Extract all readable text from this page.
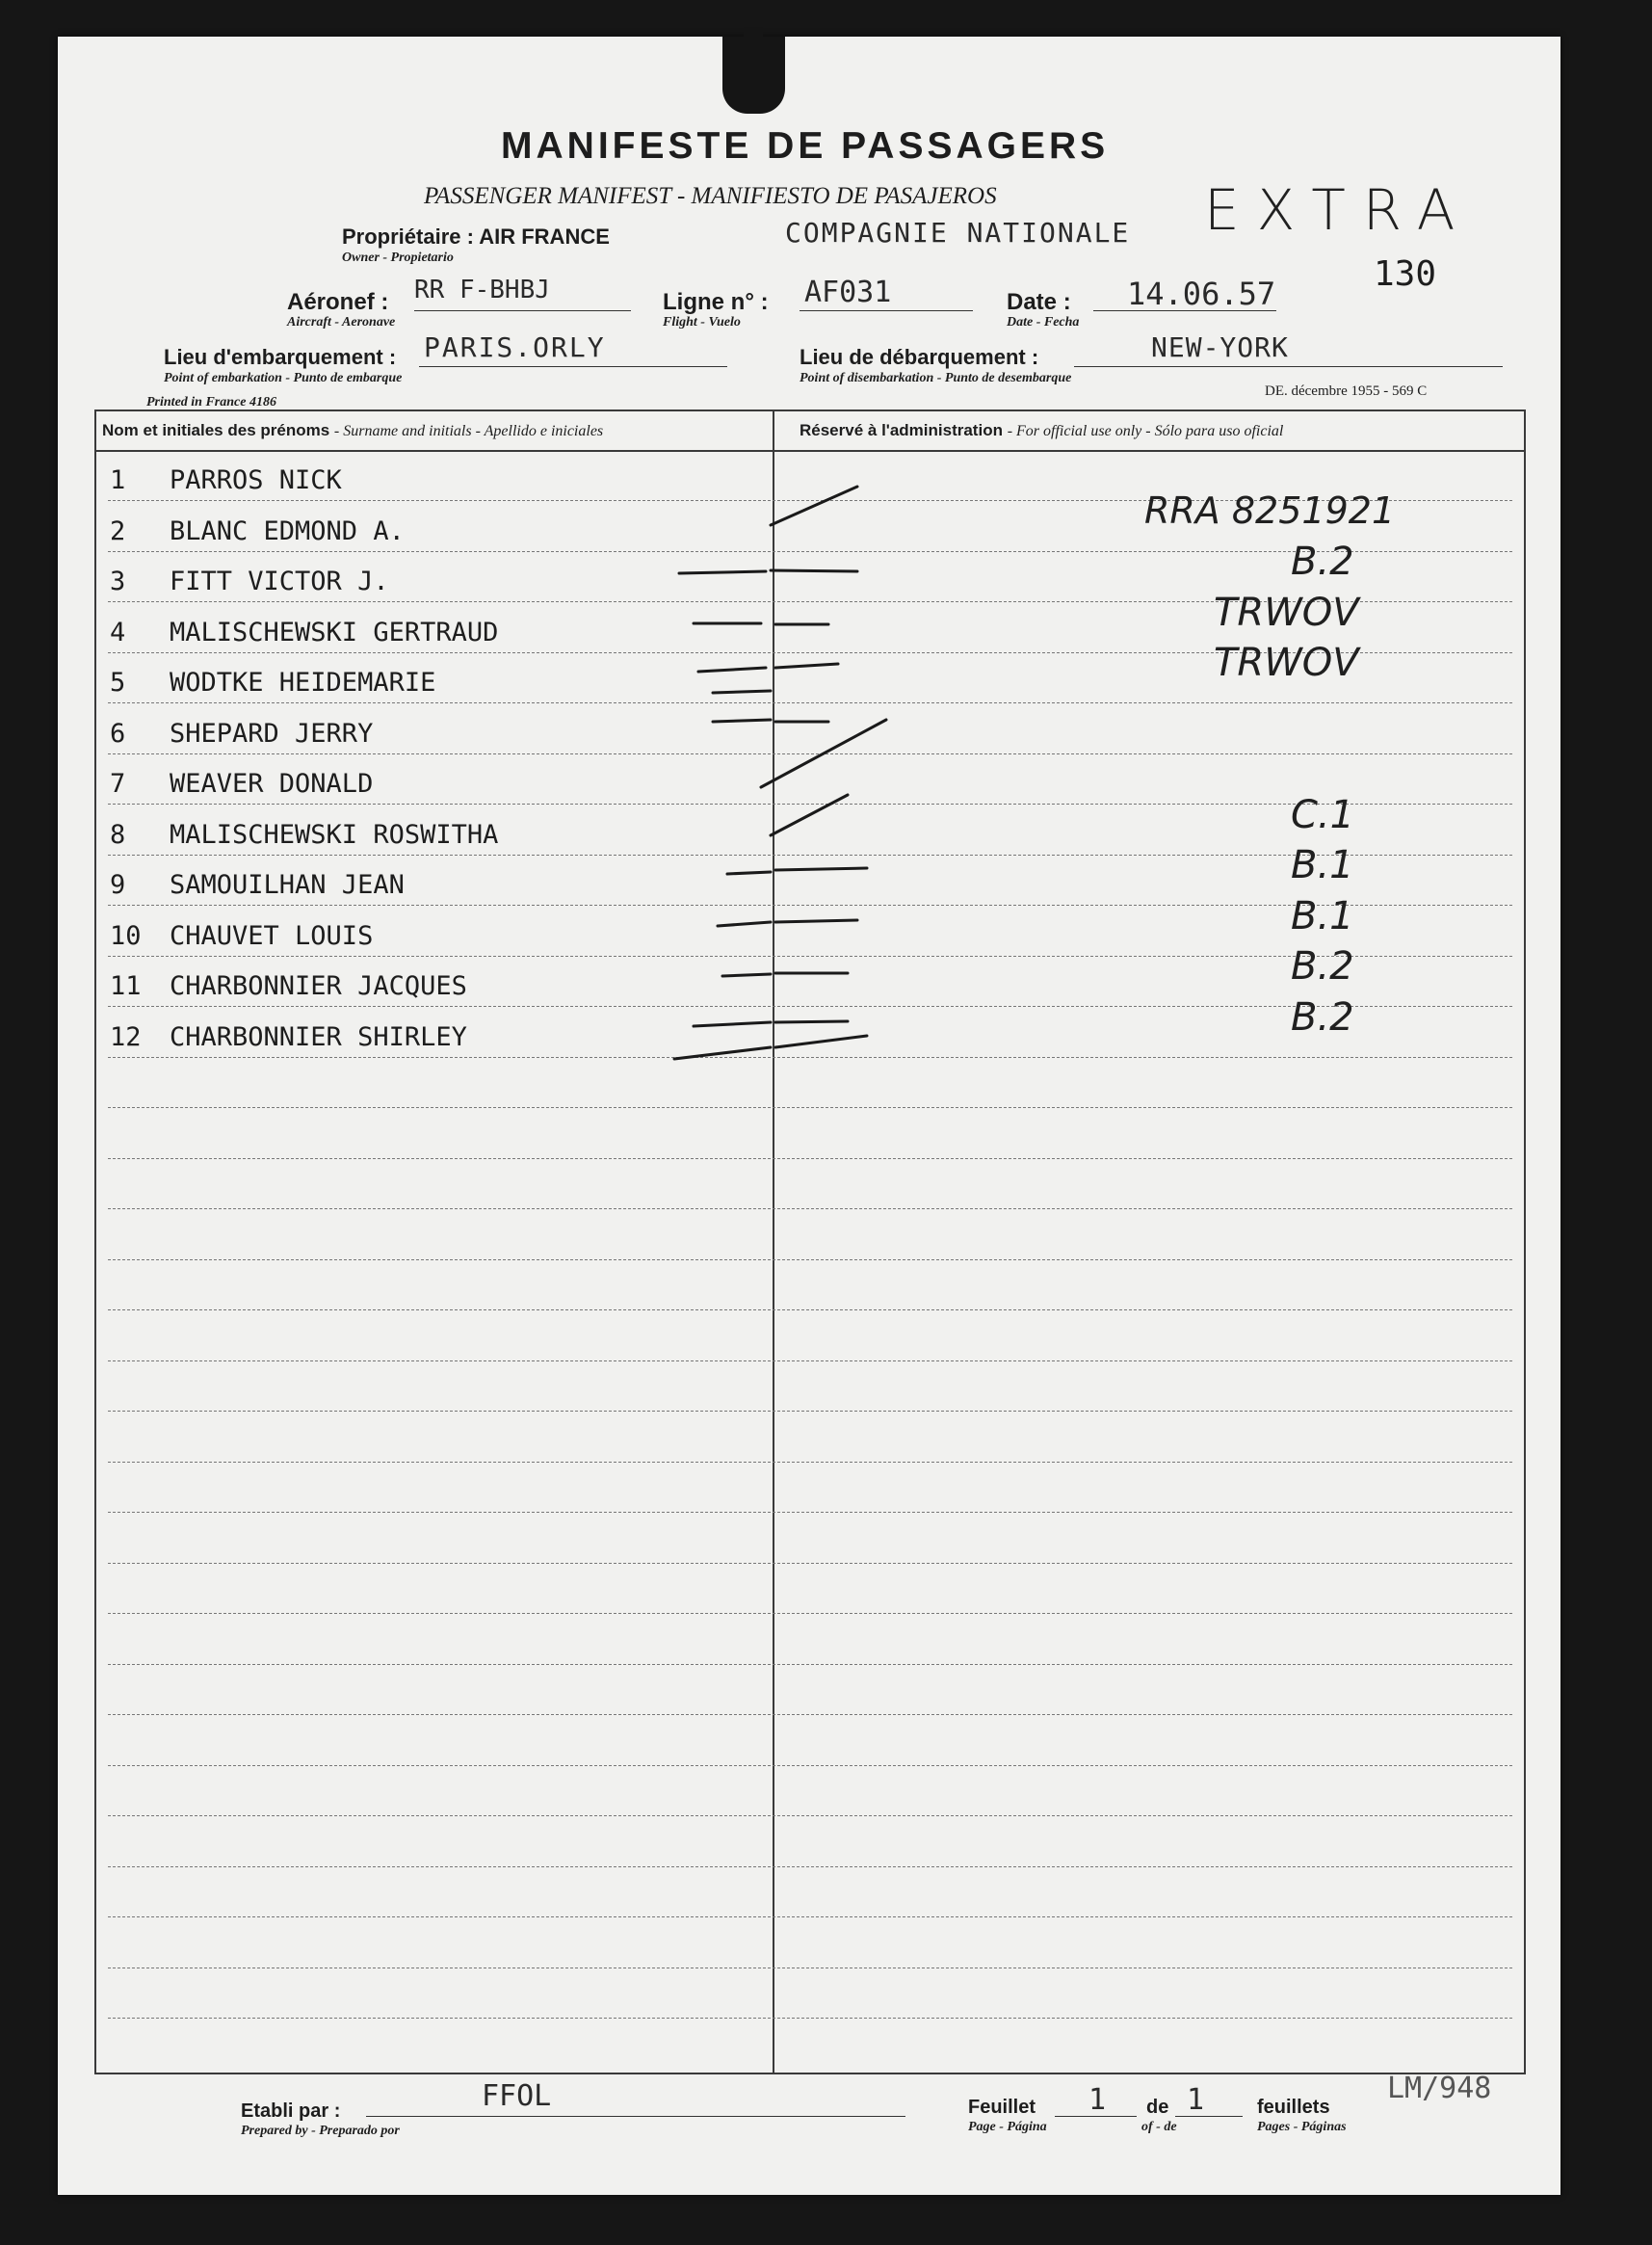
MANIFESTE DE PASSAGERS
PASSENGER MANIFEST - MANIFIESTO DE PASAJEROS	EXTRA
130
Propriétaire : AIR FRANCE
Owner - Propietario
COMPAGNIE NATIONALE
Aéronef :
Aircraft - Aeronave
RR F-BHBJ	Ligne n° :
Flight - Vuelo
AF031	Date :
Date - Fecha
14.06.57
Lieu d'embarquement :
Point of embarkation - Punto de embarque
PARIS.ORLY	Lieu de débarquement :
Point of disembarkation - Punto de desembarque
NEW-YORK
Printed in France 4186
DE. décembre 1955 - 569 C
Nom et initiales des prénoms - Surname and initials - Apellido e iniciales	Réservé à l'administration - For official use only - Sólo para uso oficial
1	PARROS NICK
2	BLANC EDMOND A.	RRA 8251921
3	FITT VICTOR J.	B.2
4	MALISCHEWSKI GERTRAUD	TRWOV
5	WODTKE HEIDEMARIE	TRWOV
6	SHEPARD JERRY
7	WEAVER DONALD
8	MALISCHEWSKI ROSWITHA	C.1
9	SAMOUILHAN JEAN	B.1
10	CHAUVET LOUIS	B.1
11	CHARBONNIER JACQUES	B.2
12	CHARBONNIER SHIRLEY	B.2
Etabli par :
Prepared by - Preparado por
FFOL	Feuillet
Page - Página
1 de
of - de
1	feuillets
Pages - Páginas
LM/948
